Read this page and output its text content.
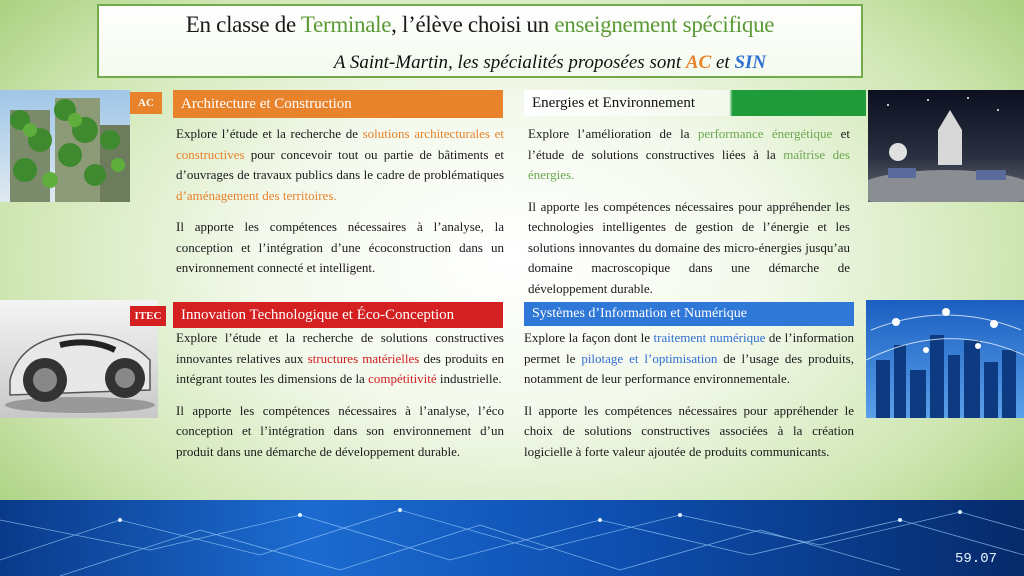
En classe de Terminale, l’élève choisi un enseignement spécifique
A Saint-Martin, les spécialités proposées sont AC et SIN
AC	Architecture et Construction

Explore l’étude et la recherche de solutions architecturales et constructives pour concevoir tout ou partie de bâtiments et d’ouvrages de travaux publics dans le cadre de problématiques d’aménagement des territoires.

Il apporte les compétences nécessaires à l’analyse, la conception et l’intégration d’une écoconstruction dans un environnement connecté et intelligent.

Energies et Environnement

Explore l’amélioration de la performance énergétique et l’étude de solutions constructives liées à la maîtrise des énergies.

Il apporte les compétences nécessaires pour appréhender les technologies intelligentes de gestion de l’énergie et les solutions innovantes du domaine des micro-énergies jusqu’au domaine macroscopique dans une démarche de développement durable.

ITEC	Innovation Technologique et Éco-Conception

Explore l’étude et la recherche de solutions constructives innovantes relatives aux structures matérielles des produits en intégrant toutes les dimensions de la compétitivité industrielle.

Il apporte les compétences nécessaires à l’analyse, l’éco conception et l’intégration dans son environnement d’un produit dans une démarche de développement durable.

Systèmes d’Information et Numérique

Explore la façon dont le traitement numérique de l’information permet le pilotage et l’optimisation de l’usage des produits, notamment de leur performance environnementale.

Il apporte les compétences nécessaires pour appréhender le choix de solutions constructives associées à la création logicielle à forte valeur ajoutée de produits communicants.

59.07
